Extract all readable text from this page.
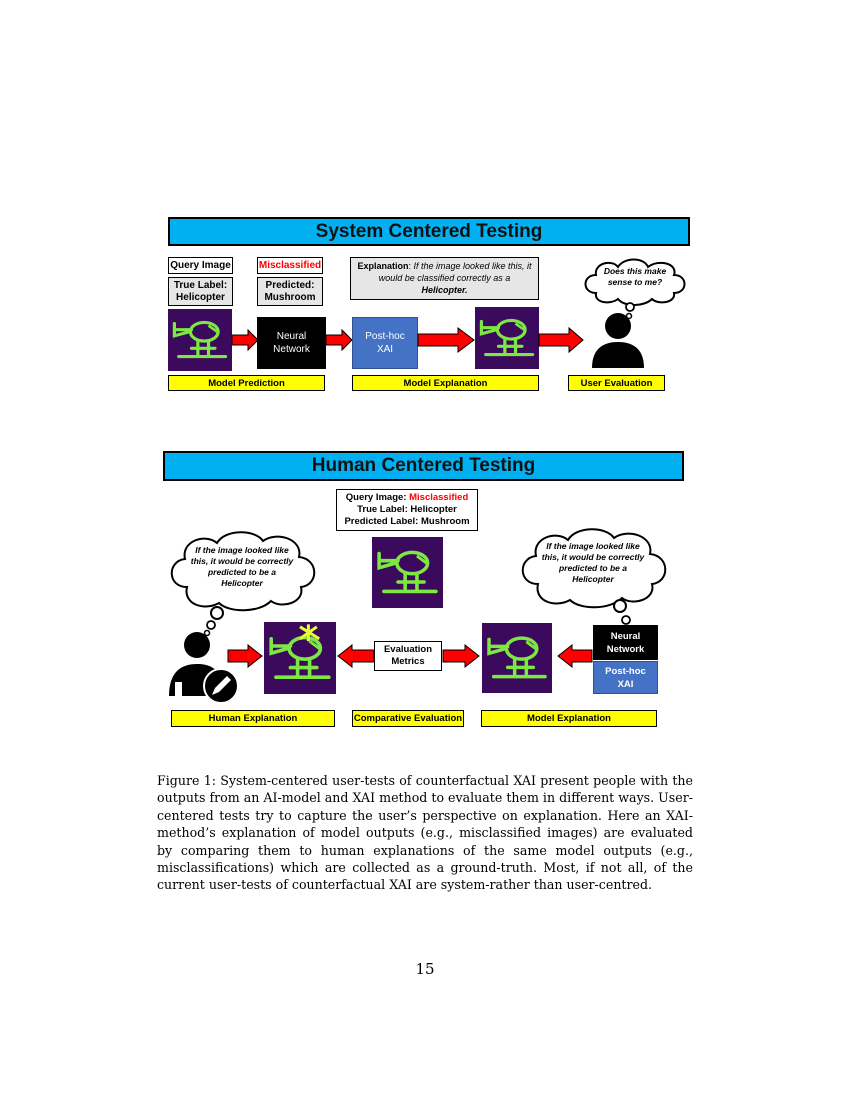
System Centered Testing
Query Image
True Label: Helicopter
Misclassified
Predicted: Mushroom
Explanation: If the image looked like this, it would be classified correctly as a Helicopter.
Does this make sense to me?
Neural Network
Post-hoc XAI
Model Prediction	Model Explanation	User Evaluation
Human Centered Testing
Query Image: Misclassified
True Label: Helicopter
Predicted Label: Mushroom
If the image looked like this, it would be correctly predicted to be a Helicopter
If the image looked like this, it would be correctly predicted to be a Helicopter
Evaluation Metrics
Neural Network
Post-hoc XAI
Human Explanation	Comparative Evaluation	Model Explanation
Figure 1: System-centered user-tests of counterfactual XAI present people with the outputs from an AI-model and XAI method to evaluate them in different ways. User-centered tests try to capture the user’s perspective on explanation. Here an XAI-method’s explanation of model outputs (e.g., misclassified images) are evaluated by comparing them to human explanations of the same model outputs (e.g., misclassifications) which are collected as a ground-truth. Most, if not all, of the current user-tests of counterfactual XAI are system-rather than user-centred.
15
